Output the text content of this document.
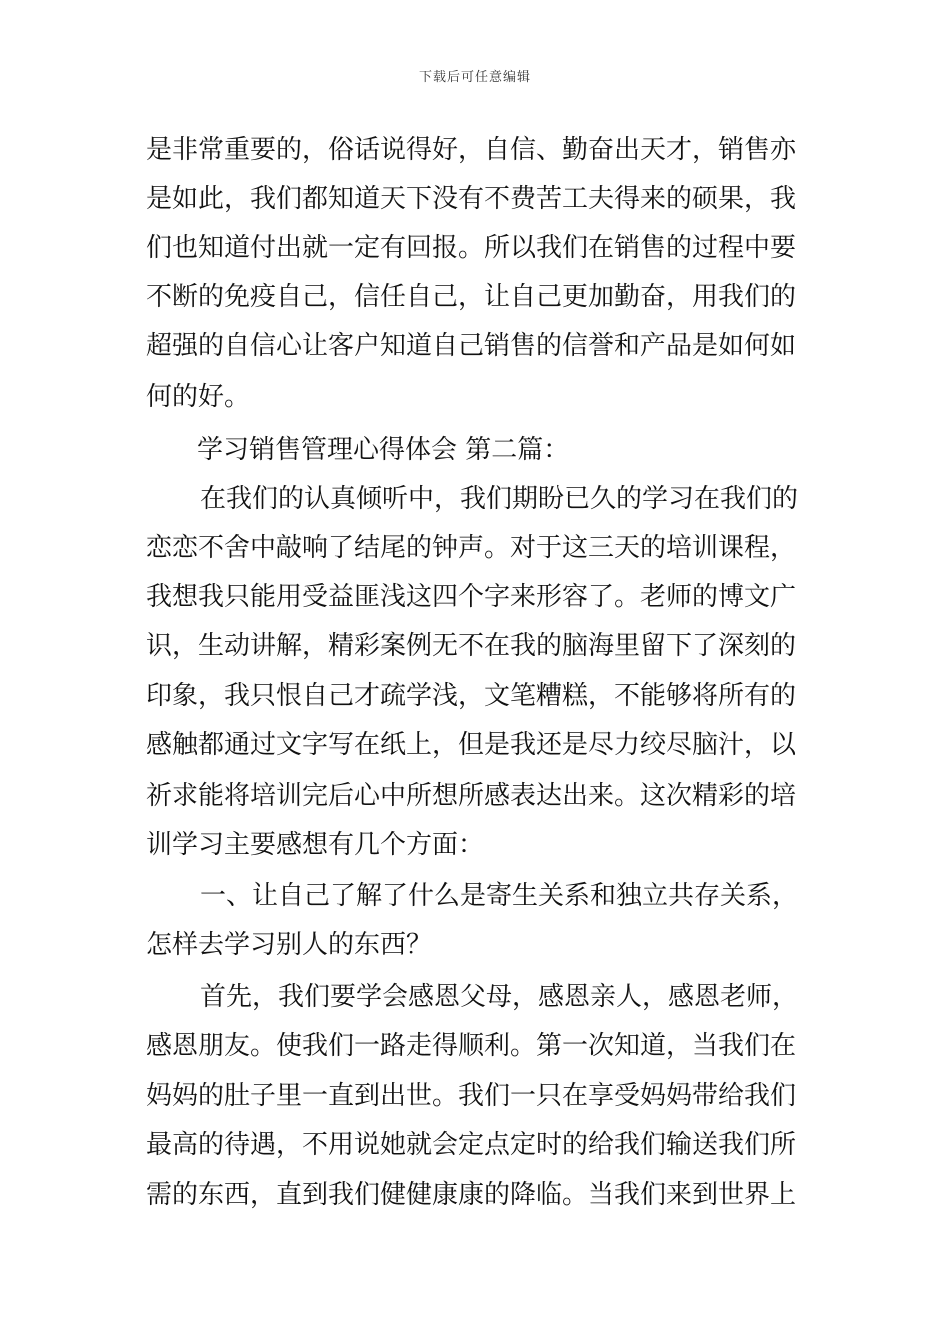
下载后可任意编辑
是非常重要的，俗话说得好，自信、勤奋出天才，销售亦
是如此，我们都知道天下没有不费苦工夫得来的硕果，我
们也知道付出就一定有回报。所以我们在销售的过程中要
不断的免疫自己，信任自己，让自己更加勤奋，用我们的
超强的自信心让客户知道自己销售的信誉和产品是如何如
何的好。
学习销售管理心得体会 第二篇：
在我们的认真倾听中，我们期盼已久的学习在我们的
恋恋不舍中敲响了结尾的钟声。对于这三天的培训课程，
我想我只能用受益匪浅这四个字来形容了。老师的博文广
识，生动讲解，精彩案例无不在我的脑海里留下了深刻的
印象，我只恨自己才疏学浅，文笔糟糕，不能够将所有的
感触都通过文字写在纸上，但是我还是尽力绞尽脑汁，以
祈求能将培训完后心中所想所感表达出来。这次精彩的培
训学习主要感想有几个方面：
一、让自己了解了什么是寄生关系和独立共存关系，
怎样去学习别人的东西？
首先，我们要学会感恩父母，感恩亲人，感恩老师，
感恩朋友。使我们一路走得顺利。第一次知道，当我们在
妈妈的肚子里一直到出世。我们一只在享受妈妈带给我们
最高的待遇，不用说她就会定点定时的给我们输送我们所
需的东西，直到我们健健康康的降临。当我们来到世界上
